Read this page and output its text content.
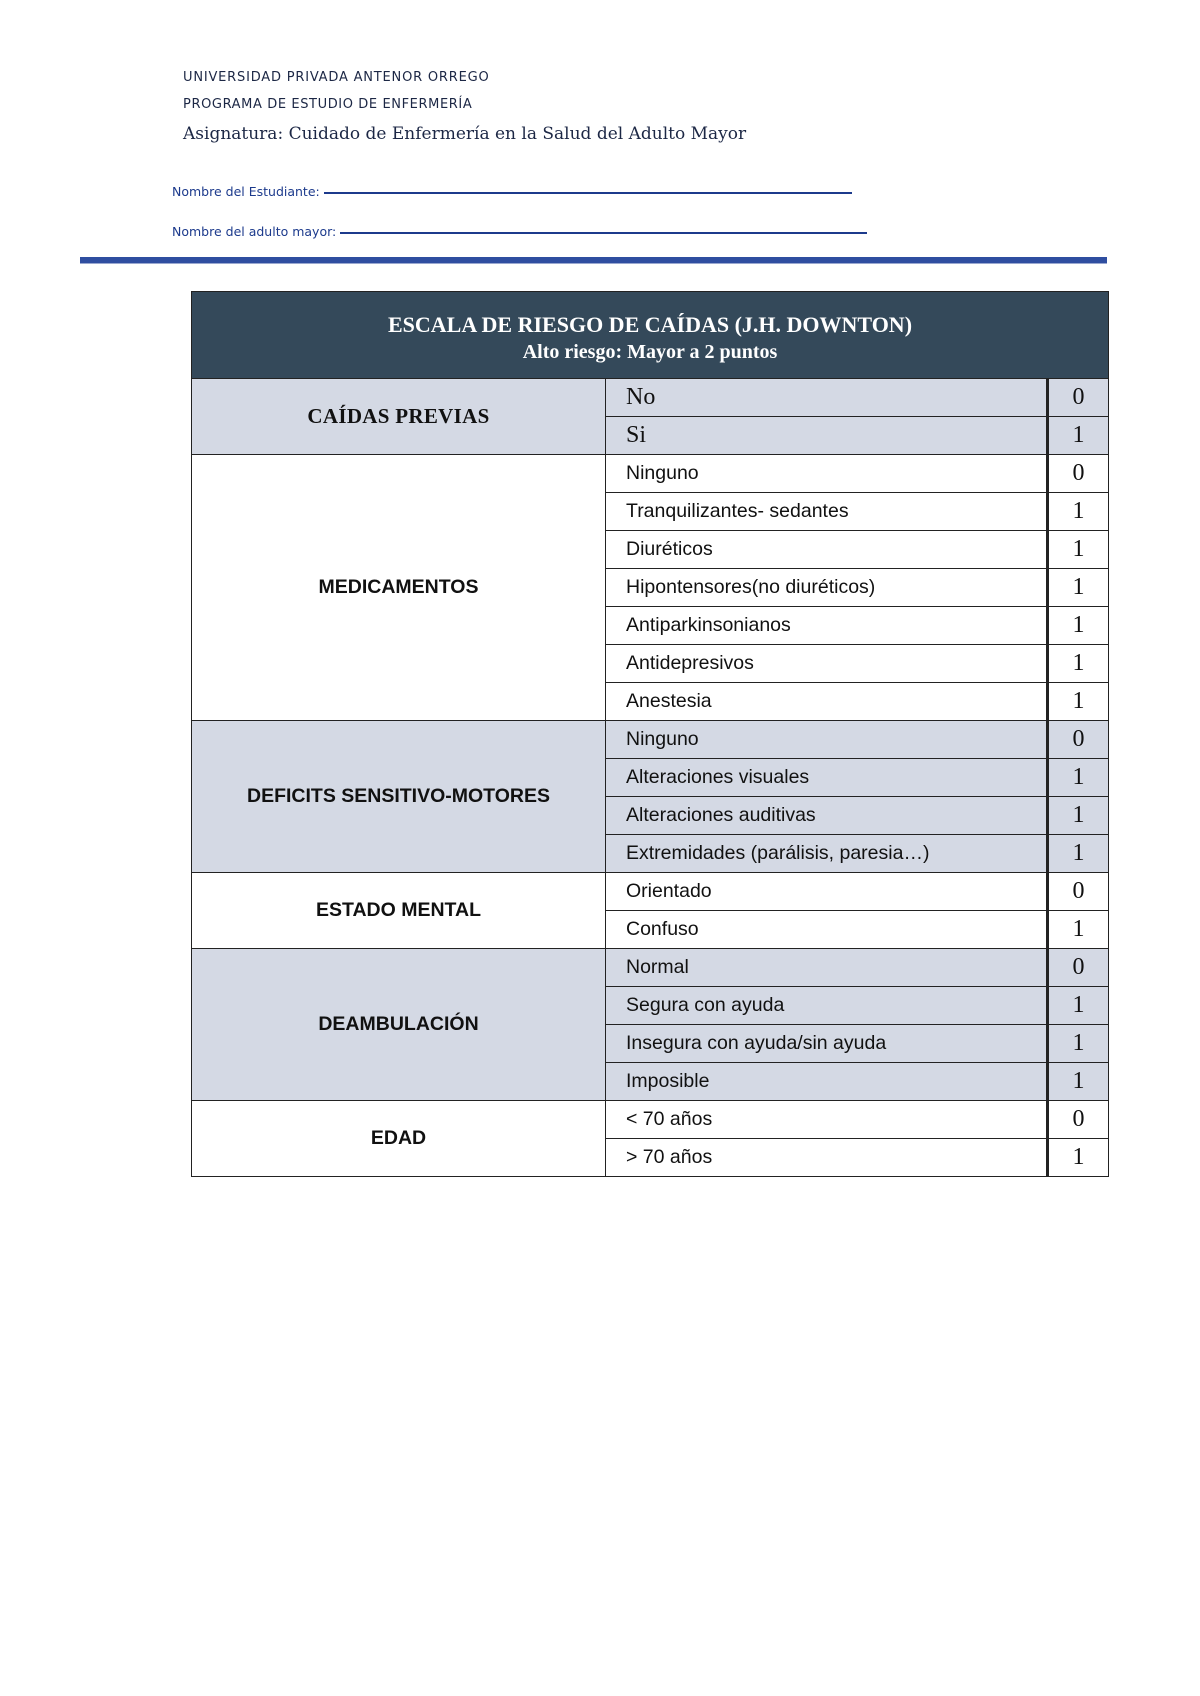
UNIVERSIDAD PRIVADA ANTENOR ORREGO
PROGRAMA DE ESTUDIO DE ENFERMERÍA
Asignatura: Cuidado de Enfermería en la Salud del Adulto Mayor
Nombre del Estudiante:
Nombre del adulto mayor:
ESCALA DE RIESGO DE CAÍDAS (J.H. DOWNTON)
Alto riesgo: Mayor a 2 puntos		

CAÍDAS PREVIAS	No	0
	Si	1
MEDICAMENTOS	Ninguno	0
	Tranquilizantes- sedantes	1
	Diuréticos	1
	Hipontensores(no diuréticos)	1
	Antiparkinsonianos	1
	Antidepresivos	1
	Anestesia	1
DEFICITS SENSITIVO-MOTORES	Ninguno	0
	Alteraciones visuales	1
	Alteraciones auditivas	1
	Extremidades (parálisis, paresia…)	1
ESTADO MENTAL	Orientado	0
	Confuso	1
DEAMBULACIÓN	Normal	0
	Segura con ayuda	1
	Insegura con ayuda/sin ayuda	1
	Imposible	1
EDAD	< 70 años	0
	> 70 años	1
